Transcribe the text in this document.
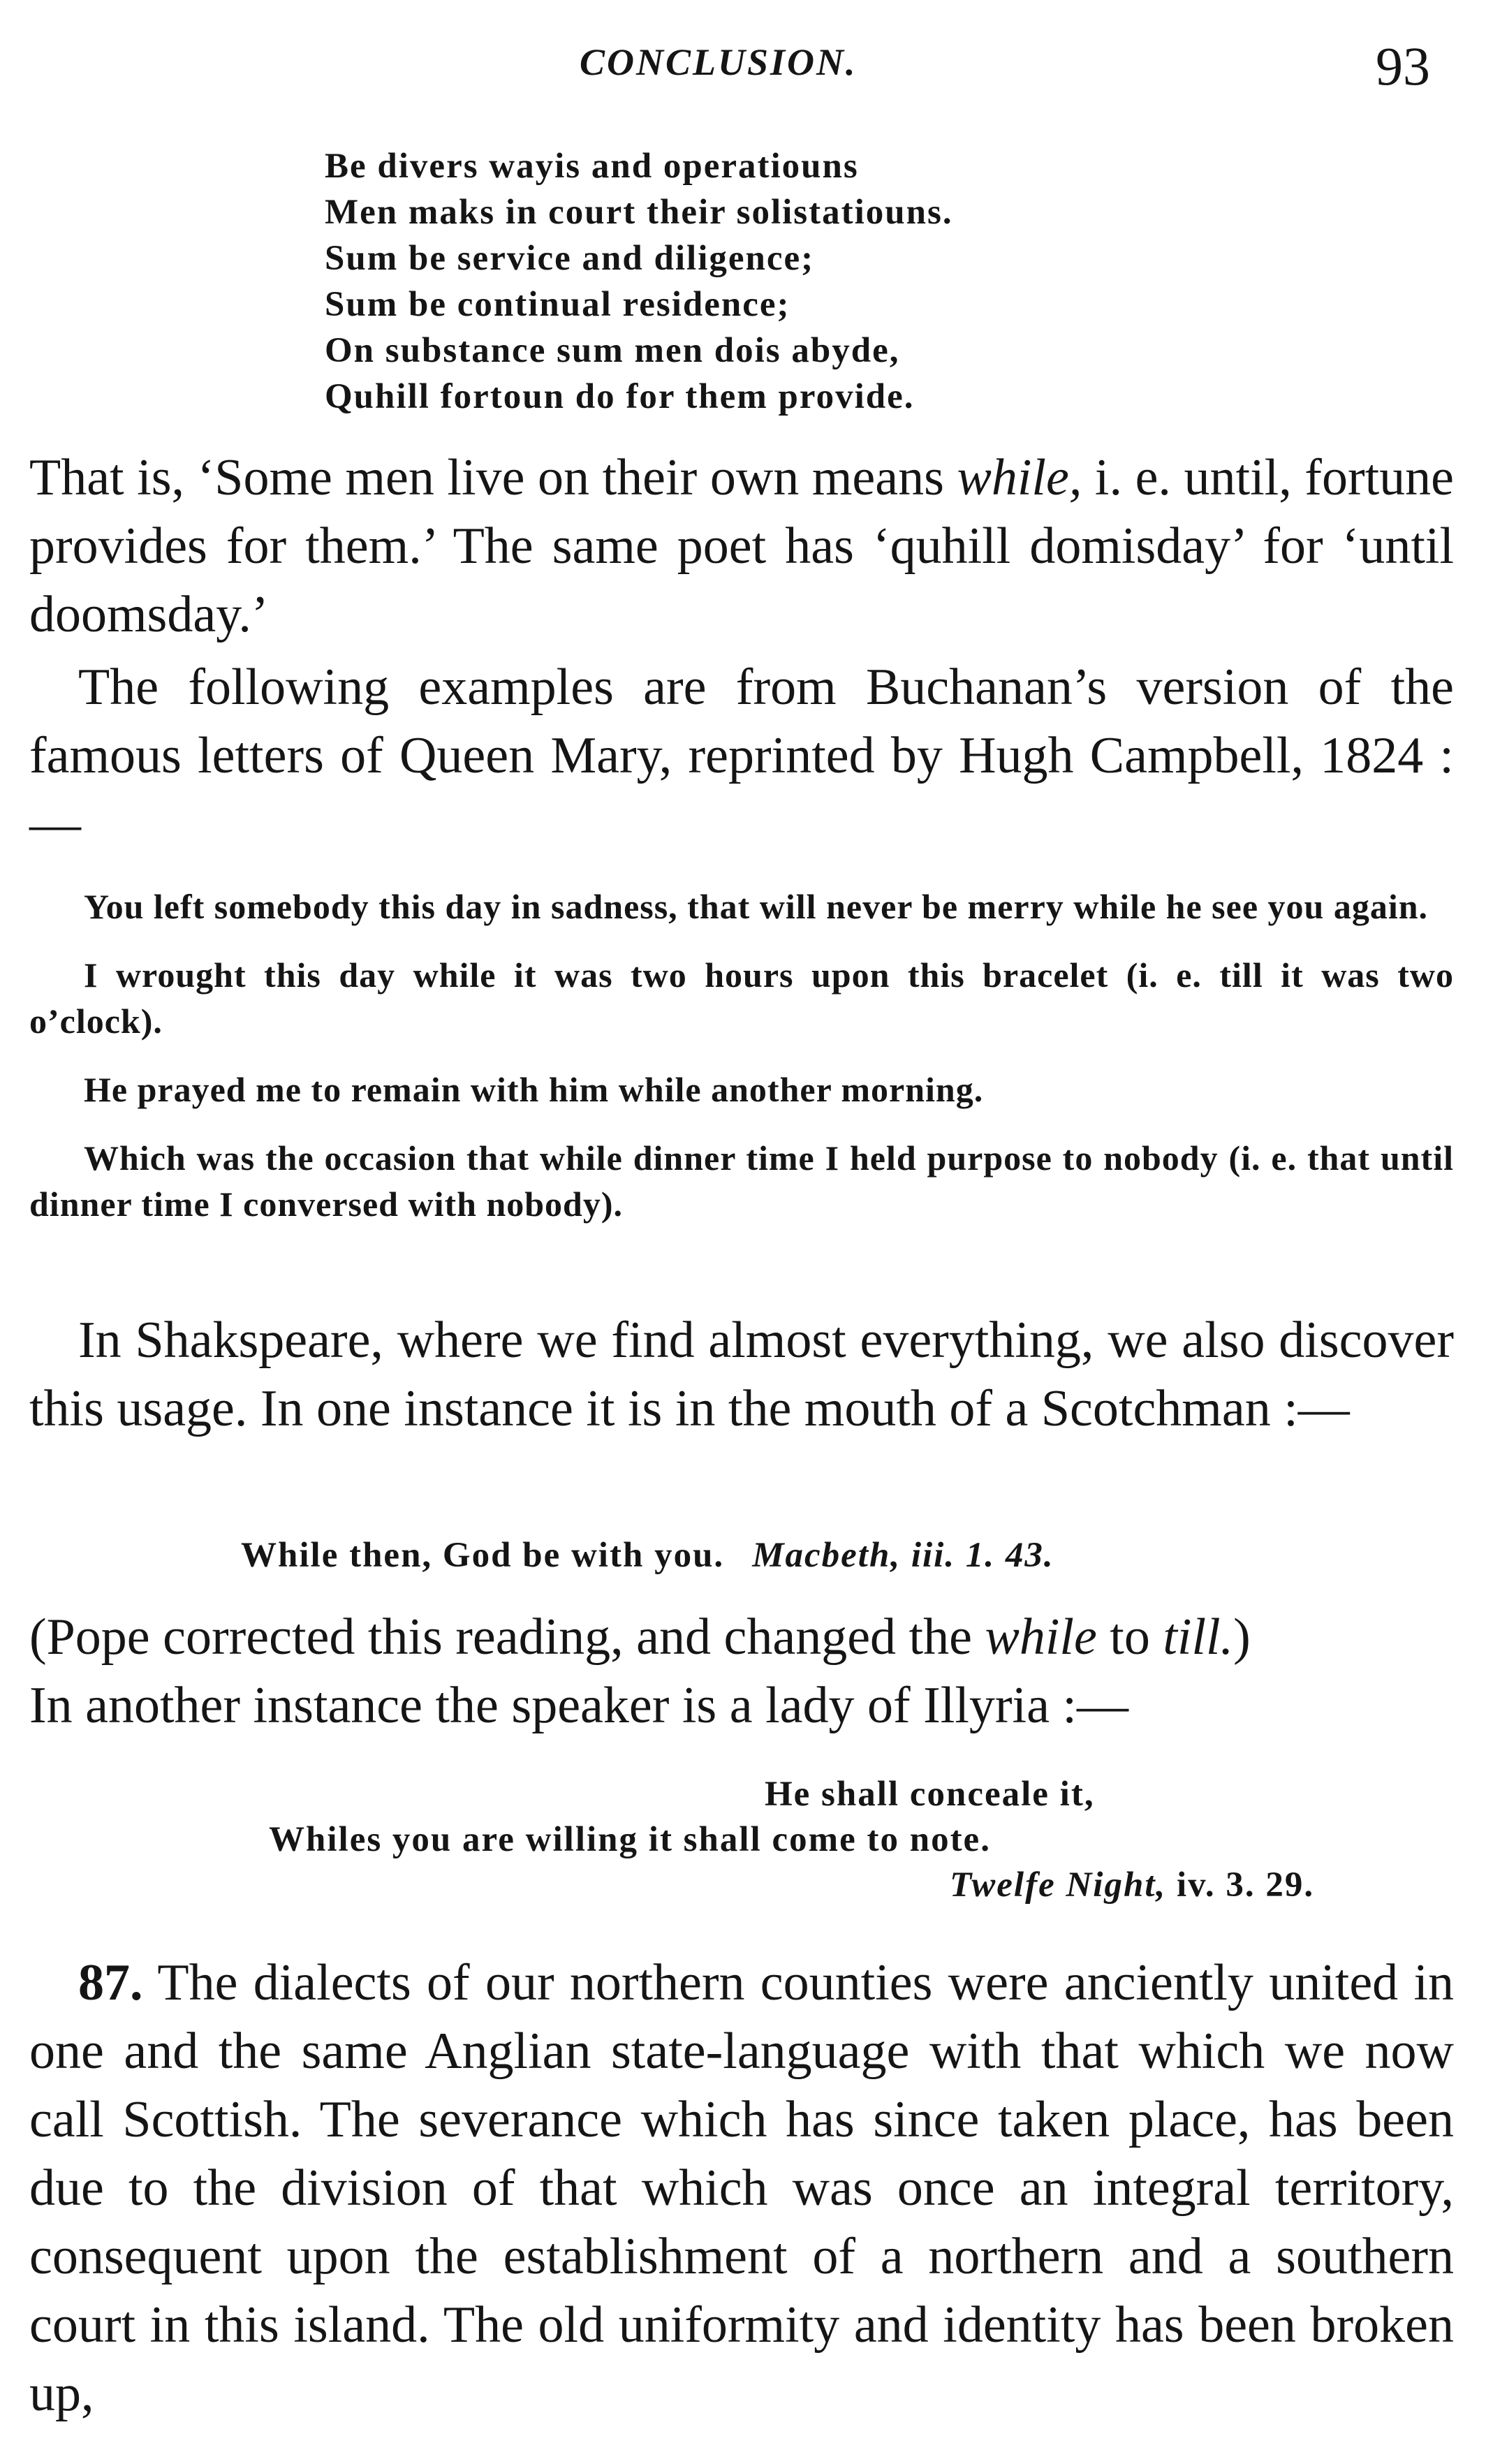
CONCLUSION.	93
Be divers wayis and operatiouns
Men maks in court their solistatiouns.
Sum be service and diligence;
Sum be continual residence;
On substance sum men dois abyde,
Quhill fortoun do for them provide.
That is, ‘Some men live on their own means while, i. e. until, fortune provides for them.’ The same poet has ‘quhill domisday’ for ‘until doomsday.’
The following examples are from Buchanan’s version of the famous letters of Queen Mary, reprinted by Hugh Campbell, 1824 :—

You left somebody this day in sadness, that will never be merry while he see you again.

I wrought this day while it was two hours upon this bracelet (i. e. till it was two o’clock).

He prayed me to remain with him while another morning.

Which was the occasion that while dinner time I held purpose to nobody (i. e. that until dinner time I conversed with nobody).

In Shakspeare, where we find almost everything, we also discover this usage. In one instance it is in the mouth of a Scotchman :—
While then, God be with you. Macbeth, iii. 1. 43.
(Pope corrected this reading, and changed the while to till.)
In another instance the speaker is a lady of Illyria :—
He shall conceale it,
Whiles you are willing it shall come to note.
Twelfe Night, iv. 3. 29.
87. The dialects of our northern counties were anciently united in one and the same Anglian state-language with that which we now call Scottish. The severance which has since taken place, has been due to the division of that which was once an integral territory, consequent upon the establishment of a northern and a southern court in this island. The old uniformity and identity has been broken up,
